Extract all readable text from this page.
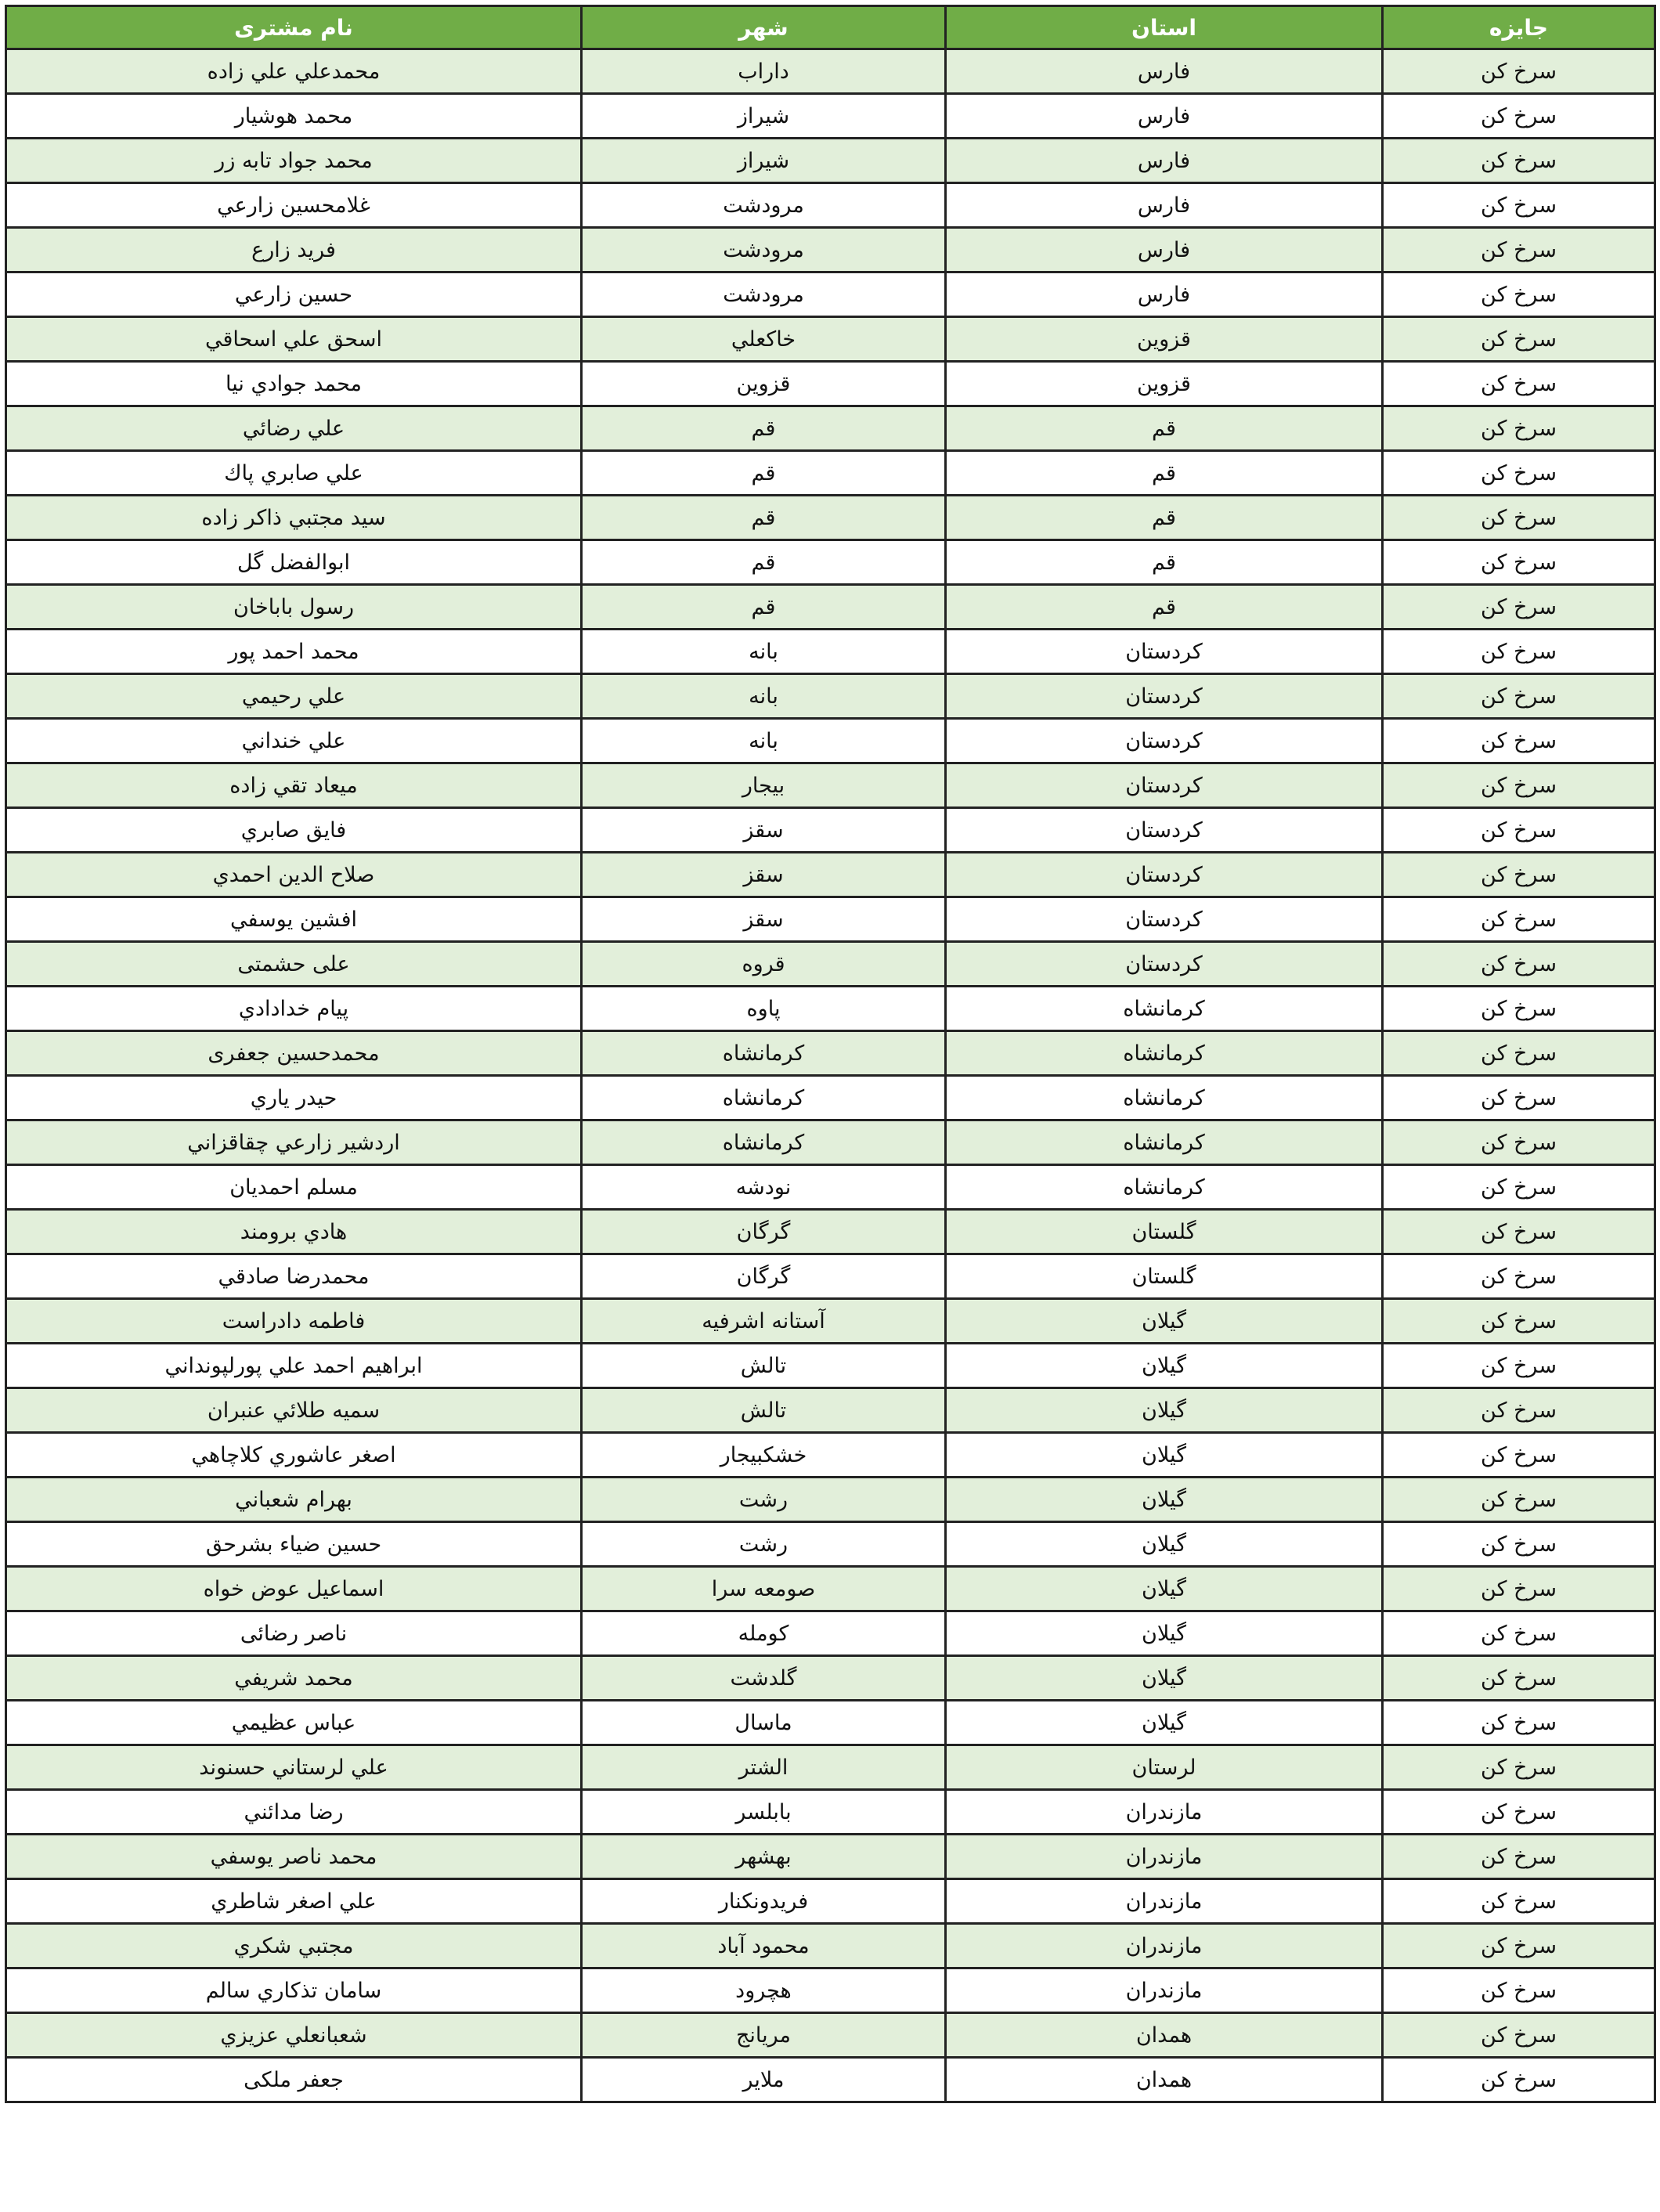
نام مشتری	شهر	استان	جایزه
محمدعلي علي زاده	داراب	فارس	سرخ کن
محمد هوشيار	شيراز	فارس	سرخ کن
محمد جواد تابه زر	شيراز	فارس	سرخ کن
غلامحسين زارعي	مرودشت	فارس	سرخ کن
فريد زارع	مرودشت	فارس	سرخ کن
حسين زارعي	مرودشت	فارس	سرخ کن
اسحق علي اسحاقي	خاكعلي	قزوين	سرخ کن
محمد جوادي نيا	قزوين	قزوين	سرخ کن
علي رضائي	قم	قم	سرخ کن
علي صابري پاك	قم	قم	سرخ کن
سيد مجتبي ذاكر زاده	قم	قم	سرخ کن
ابوالفضل گل	قم	قم	سرخ کن
رسول باباخان	قم	قم	سرخ کن
محمد احمد پور	بانه	كردستان	سرخ کن
علي رحيمي	بانه	كردستان	سرخ کن
علي خنداني	بانه	كردستان	سرخ کن
ميعاد تقي زاده	بيجار	كردستان	سرخ کن
فايق صابري	سقز	كردستان	سرخ کن
صلاح الدين احمدي	سقز	كردستان	سرخ کن
افشين يوسفي	سقز	كردستان	سرخ کن
علی حشمتی	قروه	كردستان	سرخ کن
پيام خدادادي	پاوه	كرمانشاه	سرخ کن
محمدحسین جعفری	كرمانشاه	كرمانشاه	سرخ کن
حيدر ياري	كرمانشاه	كرمانشاه	سرخ کن
اردشير زارعي چقاقزاني	كرمانشاه	كرمانشاه	سرخ کن
مسلم احمديان	نودشه	كرمانشاه	سرخ کن
هادي برومند	گرگان	گلستان	سرخ کن
محمدرضا صادقي	گرگان	گلستان	سرخ کن
فاطمه دادراست	آستانه اشرفيه	گيلان	سرخ کن
ابراهيم احمد علي پورلپونداني	تالش	گيلان	سرخ کن
سميه طلائي عنبران	تالش	گيلان	سرخ کن
اصغر عاشوري كلاچاهي	خشكبيجار	گيلان	سرخ کن
بهرام شعباني	رشت	گيلان	سرخ کن
حسين ضياء بشرحق	رشت	گيلان	سرخ کن
اسماعيل عوض خواه	صومعه سرا	گيلان	سرخ کن
ناصر رضائی	کوملە	گيلان	سرخ کن
محمد شريفي	گلدشت	گيلان	سرخ کن
عباس عظيمي	ماسال	گيلان	سرخ کن
علي لرستاني حسنوند	الشتر	لرستان	سرخ کن
رضا مدائني	بابلسر	مازندران	سرخ کن
محمد ناصر يوسفي	بهشهر	مازندران	سرخ کن
علي اصغر شاطري	فريدونكنار	مازندران	سرخ کن
مجتبي شكري	محمود آباد	مازندران	سرخ کن
سامان تذكاري سالم	هچرود	مازندران	سرخ کن
شعبانعلي عزيزي	مريانج	همدان	سرخ کن
جعفر ملكی	ملاير	همدان	سرخ کن
